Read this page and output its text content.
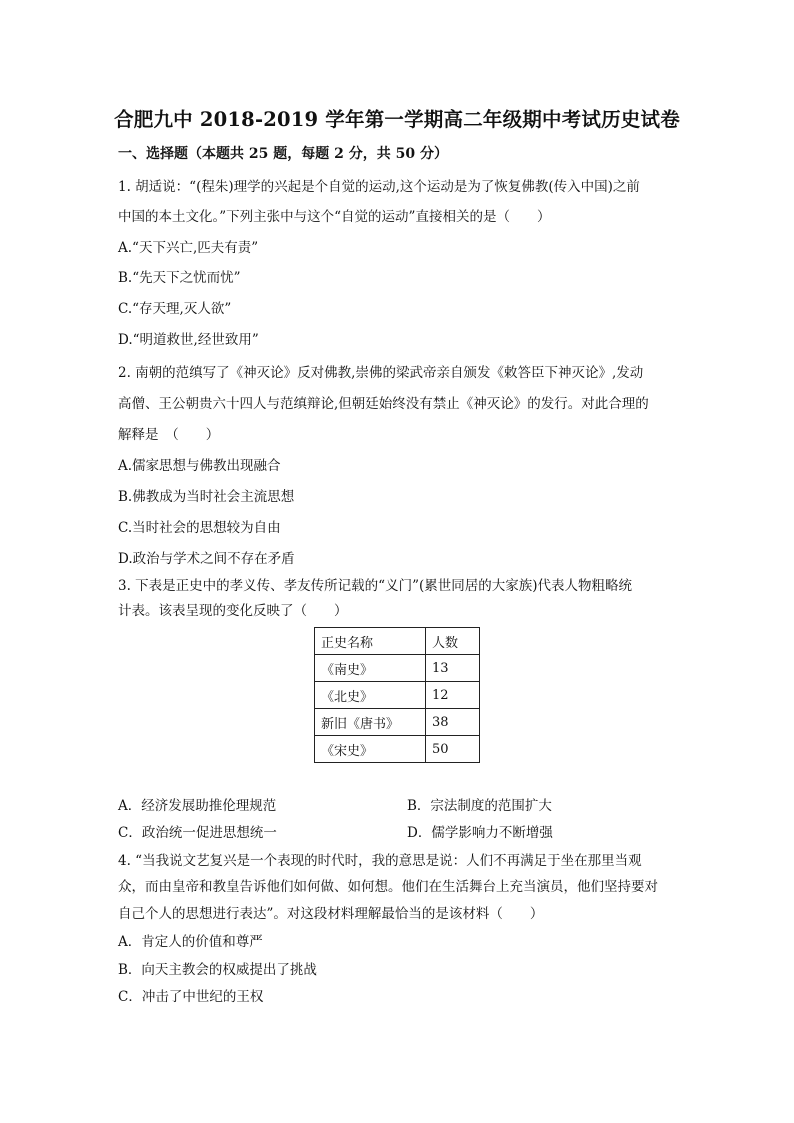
合肥九中 2018-2019 学年第一学期高二年级期中考试历史试卷
一、选择题（本题共 25 题，每题 2 分，共 50 分）
1. 胡适说：“(程朱)理学的兴起是个自觉的运动,这个运动是为了恢复佛教(传入中国)之前
中国的本土文化。”下列主张中与这个“自觉的运动”直接相关的是（　　）
A.“天下兴亡,匹夫有责”
B.“先天下之忧而忧”
C.“存天理,灭人欲”
D.“明道救世,经世致用”
2. 南朝的范缜写了《神灭论》反对佛教,崇佛的梁武帝亲自颁发《敕答臣下神灭论》,发动
高僧、王公朝贵六十四人与范缜辩论,但朝廷始终没有禁止《神灭论》的发行。对此合理的
解释是　（　　）
A.儒家思想与佛教出现融合
B.佛教成为当时社会主流思想
C.当时社会的思想较为自由
D.政治与学术之间不存在矛盾
3. 下表是正史中的孝义传、孝友传所记载的“义门”(累世同居的大家族)代表人物粗略统
计表。该表呈现的变化反映了（　　）
正史名称	人数
《南史》	13
《北史》	12
新旧《唐书》	38
《宋史》	50
A．经济发展助推伦理规范	B．宗法制度的范围扩大
C．政治统一促进思想统一	D．儒学影响力不断增强
4. “当我说文艺复兴是一个表现的时代时，我的意思是说：人们不再满足于坐在那里当观
众，而由皇帝和教皇告诉他们如何做、如何想。他们在生活舞台上充当演员，他们坚持要对
自己个人的思想进行表达”。对这段材料理解最恰当的是该材料（　　）
A．肯定人的价值和尊严
B．向天主教会的权威提出了挑战
C．冲击了中世纪的王权
